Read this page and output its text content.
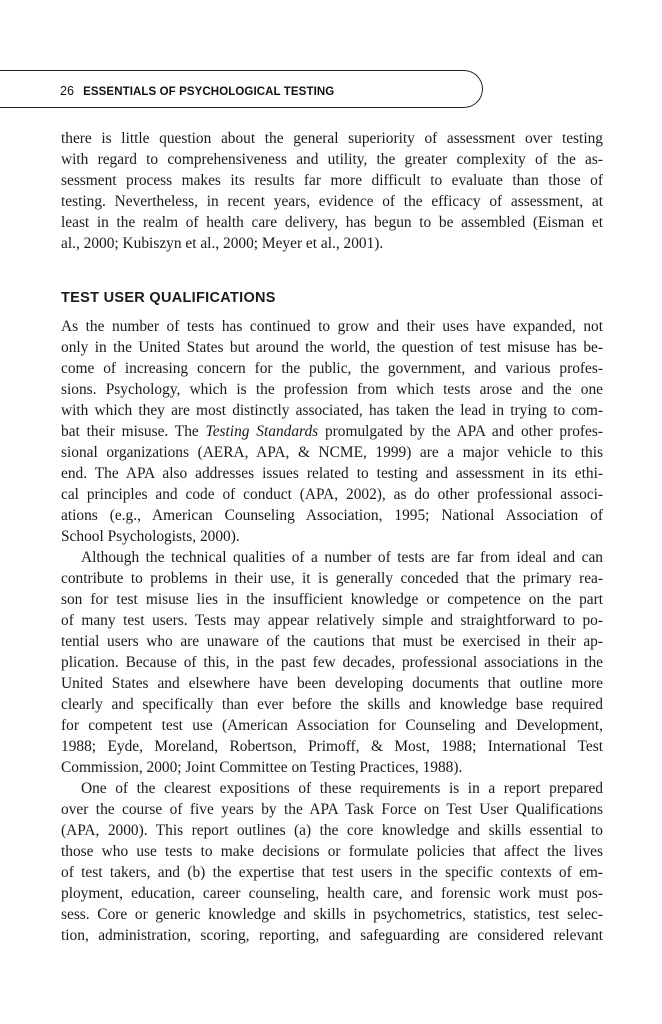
26 ESSENTIALS OF PSYCHOLOGICAL TESTING
there is little question about the general superiority of assessment over testing
with regard to comprehensiveness and utility, the greater complexity of the as-
sessment process makes its results far more difficult to evaluate than those of
testing. Nevertheless, in recent years, evidence of the efficacy of assessment, at
least in the realm of health care delivery, has begun to be assembled (Eisman et
al., 2000; Kubiszyn et al., 2000; Meyer et al., 2001).
TEST USER QUALIFICATIONS
As the number of tests has continued to grow and their uses have expanded, not
only in the United States but around the world, the question of test misuse has be-
come of increasing concern for the public, the government, and various profes-
sions. Psychology, which is the profession from which tests arose and the one
with which they are most distinctly associated, has taken the lead in trying to com-
bat their misuse. The Testing Standards promulgated by the APA and other profes-
sional organizations (AERA, APA, & NCME, 1999) are a major vehicle to this
end. The APA also addresses issues related to testing and assessment in its ethi-
cal principles and code of conduct (APA, 2002), as do other professional associ-
ations (e.g., American Counseling Association, 1995; National Association of
School Psychologists, 2000).
Although the technical qualities of a number of tests are far from ideal and can
contribute to problems in their use, it is generally conceded that the primary rea-
son for test misuse lies in the insufficient knowledge or competence on the part
of many test users. Tests may appear relatively simple and straightforward to po-
tential users who are unaware of the cautions that must be exercised in their ap-
plication. Because of this, in the past few decades, professional associations in the
United States and elsewhere have been developing documents that outline more
clearly and specifically than ever before the skills and knowledge base required
for competent test use (American Association for Counseling and Development,
1988; Eyde, Moreland, Robertson, Primoff, & Most, 1988; International Test
Commission, 2000; Joint Committee on Testing Practices, 1988).
One of the clearest expositions of these requirements is in a report prepared
over the course of five years by the APA Task Force on Test User Qualifications
(APA, 2000). This report outlines (a) the core knowledge and skills essential to
those who use tests to make decisions or formulate policies that affect the lives
of test takers, and (b) the expertise that test users in the specific contexts of em-
ployment, education, career counseling, health care, and forensic work must pos-
sess. Core or generic knowledge and skills in psychometrics, statistics, test selec-
tion, administration, scoring, reporting, and safeguarding are considered relevant
